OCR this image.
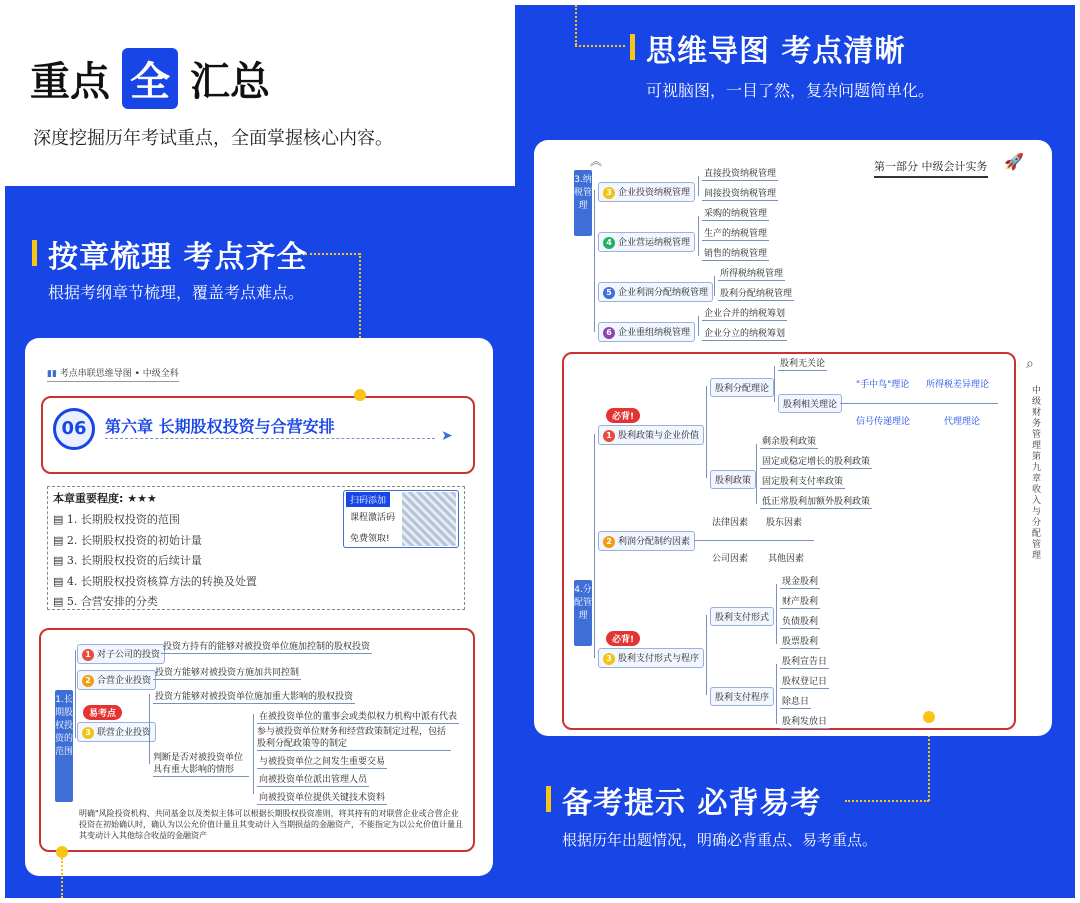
重点 全 汇总
深度挖掘历年考试重点，全面掌握核心内容。
按章梳理 考点齐全
根据考纲章节梳理，覆盖考点难点。
思维导图 考点清晰
可视脑图，一目了然，复杂问题简单化。
备考提示 必背易考
根据历年出题情况，明确必背重点、易考重点。
▮▮ 考点串联思维导图 • 中级全科
06	第六章 长期股权投资与合营安排	➤
本章重要程度: ★★★
▤ 1. 长期股权投资的范围
▤ 2. 长期股权投资的初始计量
▤ 3. 长期股权投资的后续计量
▤ 4. 长期股权投资核算方法的转换及处置
▤ 5. 合营安排的分类
扫码添加
课程激活码
免费领取!
1.长期股权投资的范围
1 对子公司的投资
投资方持有的能够对被投资单位施加控制的股权投资
2 合营企业投资
投资方能够对被投资方施加共同控制
易考点
3 联营企业投资
投资方能够对被投资单位施加重大影响的股权投资
判断是否对被投资单位具有重大影响的情形
在被投资单位的董事会或类似权力机构中派有代表
参与被投资单位财务和经营政策制定过程，包括股利分配政策等的制定
与被投资单位之间发生重要交易
向被投资单位派出管理人员
向被投资单位提供关键技术资料
明确"风险投资机构、共同基金以及类似主体可以根据长期股权投资准则，将其持有的对联营企业或合营企业投资在初始确认时，确认为以公允价值计量且其变动计入当期损益的金融资产，不能指定为以公允价值计量且其变动计入其他综合收益的金融资产
︽	第一部分 中级会计实务 🚀
⌕
中级财务管理 第九章 收入与分配管理
3.纳税管理
3 企业投资纳税管理
直接投资纳税管理
间接投资纳税管理
4 企业营运纳税管理
采购的纳税管理
生产的纳税管理
销售的纳税管理
5 企业利润分配纳税管理
所得税纳税管理
股利分配纳税管理
6 企业重组纳税管理
企业合并的纳税筹划
企业分立的纳税筹划
4.分配管理
必背!
1 股利政策与企业价值
股利分配理论
股利无关论
股利相关理论
"手中鸟"理论 所得税差异理论
信号传递理论	代理理论
股利政策
剩余股利政策
固定或稳定增长的股利政策
固定股利支付率政策
低正常股利加额外股利政策
2 利润分配制约因素
法律因素 股东因素
公司因素 其他因素
必背!
3 股利支付形式与程序
股利支付形式
现金股利
财产股利
负债股利
股票股利
股利支付程序
股利宣告日
股权登记日
除息日
股利发放日
